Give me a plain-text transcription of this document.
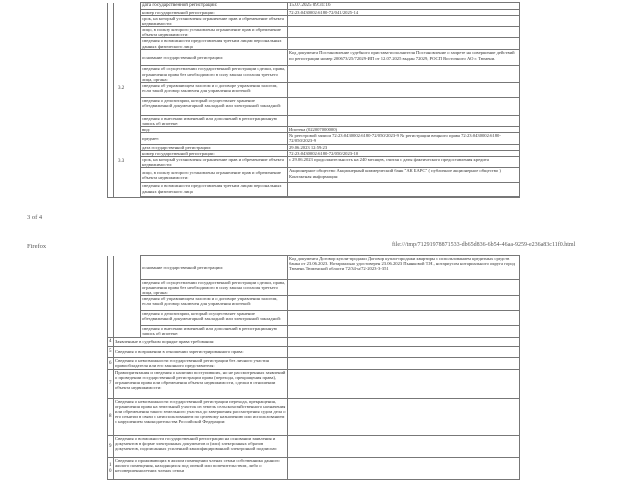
		дата государственной регистрации:	15.07.2025 09:31:16
		номер государственной регистрации:	72:23:0430002:6180-72/041/2025-14
		срок, на который установлены ограничение прав и обременение объекта недвижимости:	
		лицо, в пользу которого установлены ограничение прав и обременение объекта недвижимости:	
		сведения о возможности предоставления третьим лицам персональных данных физического лица	
	3.2	основание государственной регистрации:	Код документа Постановление судебного пристава-исполнителя Постановление о запрете на совершение действий по регистрации номер 200673/25/72029-ИП от 12.07.2025 выдан 72029, РОСП Восточного АО г. Тюмени.
		сведения об осуществлении государственной регистрации сделки, права, ограничения права без необходимого в силу закона согласия третьего лица, органа:	
		сведения об управляющем залогом и о договоре управления залогом, если такой договор заключен для управления ипотекой:	
		сведения о депозитарии, который осуществляет хранение обездвиженной документарной закладной или электронной закладной:	
		сведения о внесении изменений или дополнений в регистрационную запись об ипотеке:	
	3.3	вид:	Ипотека (022007000000)
		предмет:	№ реестровой записи 72:23:0430002:6180-72/050/2023-9 № регистрации вещного права 72:23:0430002:6180-72/050/2023-9
		дата государственной регистрации:	29.06.2023 12:59:23
		номер государственной регистрации:	72:23:0430002:6180-72/050/2023-10
		срок, на который установлены ограничение прав и обременение объекта недвижимости:	с 29.06.2023 продолжительность на 240 месяцев, считая с даты фактического предоставления кредита
		лицо, в пользу которого установлены ограничение прав и обременение объекта недвижимости:	Акционерное общество Акционерный коммерческий банк "АК БАРС" ( публичное акционерное общество )
Контактная информация:
		сведения о возможности предоставления третьим лицам персональных данных физического лица	
3 of 4
Firefox	file:///tmp/71291978871533-db65d836-6b54-46aa-9259-e236a83c11f0.html
		основание государственной регистрации:	Код документа Договор купли-продажи Договор купли-продажи квартиры с использованием кредитных средств банка от 23.06.2023. Нотариально удостоверен 23.06.2023 Пьянковой Т.Н., нотариусом нотариального округа город Тюмень Тюменской области 72/34-н/72-2023-3-351
		сведения об осуществлении государственной регистрации сделки, права, ограничения права без необходимого в силу закона согласия третьего лица, органа:	
		сведения об управляющем залогом и о договоре управления залогом, если такой договор заключен для управления ипотекой:	
		сведения о депозитарии, который осуществляет хранение обездвиженной документарной закладной или электронной закладной:	
		сведения о внесении изменений или дополнений в регистрационную запись об ипотеке:	
4	Заявленные в судебном порядке права требования:	
5	Сведения о возражении в отношении зарегистрированного права:	
6	Сведения о невозможности государственной регистрации без личного участия правообладателя или его законного представителя:	
7	Правопритязания и сведения о наличии поступивших, но не рассмотренных заявлений о проведении государственной регистрации права (перехода, прекращения права), ограничения права или обременения объекта недвижимости, сделки в отношении объекта недвижимости:	
8	Сведения о невозможности государственной регистрации перехода, прекращения, ограничения права на земельный участок из земель сельскохозяйственного назначения или обременения такого земельного участка до завершения рассмотрения судом дела о его изъятии в связи с неиспользованием по целевому назначению или использованием с нарушением законодательства Российской Федерации:	
9	Сведения о возможности государственной регистрации на основании заявления и документов в форме электронных документов и (или) электронных образов документов, подписанных усиленной квалифицированной электронной подписью:	
10	Сведения о проживающих в жилом помещении членах семьи собственника данного жилого помещения, находящихся под опекой или попечительством, либо о несовершеннолетних членах семьи	
